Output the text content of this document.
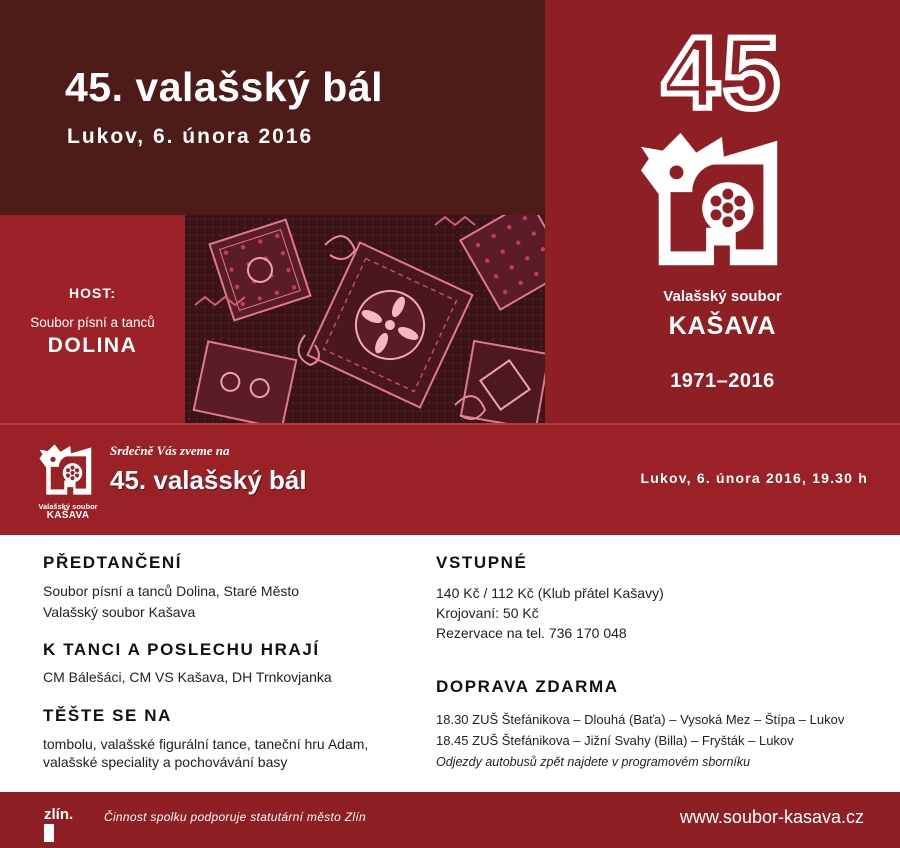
45. valašský bál
Lukov, 6. února 2016
HOST:
Soubor písní a tanců
DOLINA
45
Valašský soubor
KAŠAVA
1971–2016
Valašský soubor
KAŠAVA
Srdečně Vás zveme na
45. valašský bál	Lukov, 6. února 2016, 19.30 h
PŘEDTANČENÍ
Soubor písní a tanců Dolina, Staré Město
Valašský soubor Kašava
K TANCI A POSLECHU HRAJÍ
CM Bálešáci, CM VS Kašava, DH Trnkovjanka
TĚŠTE SE NA
tombolu, valašské figurální tance, taneční hru Adam,
valašské speciality a pochovávání basy
VSTUPNÉ
140 Kč / 112 Kč (Klub přátel Kašavy)
Krojovaní: 50 Kč
Rezervace na tel. 736 170 048
DOPRAVA ZDARMA
18.30 ZUŠ Štefánikova – Dlouhá (Baťa) – Vysoká Mez – Štípa – Lukov
18.45 ZUŠ Štefánikova – Jižní Svahy (Billa) – Fryšták – Lukov
Odjezdy autobusů zpět najdete v programovém sborníku
zlín.	Činnost spolku podporuje statutární město Zlín	www.soubor-kasava.cz
